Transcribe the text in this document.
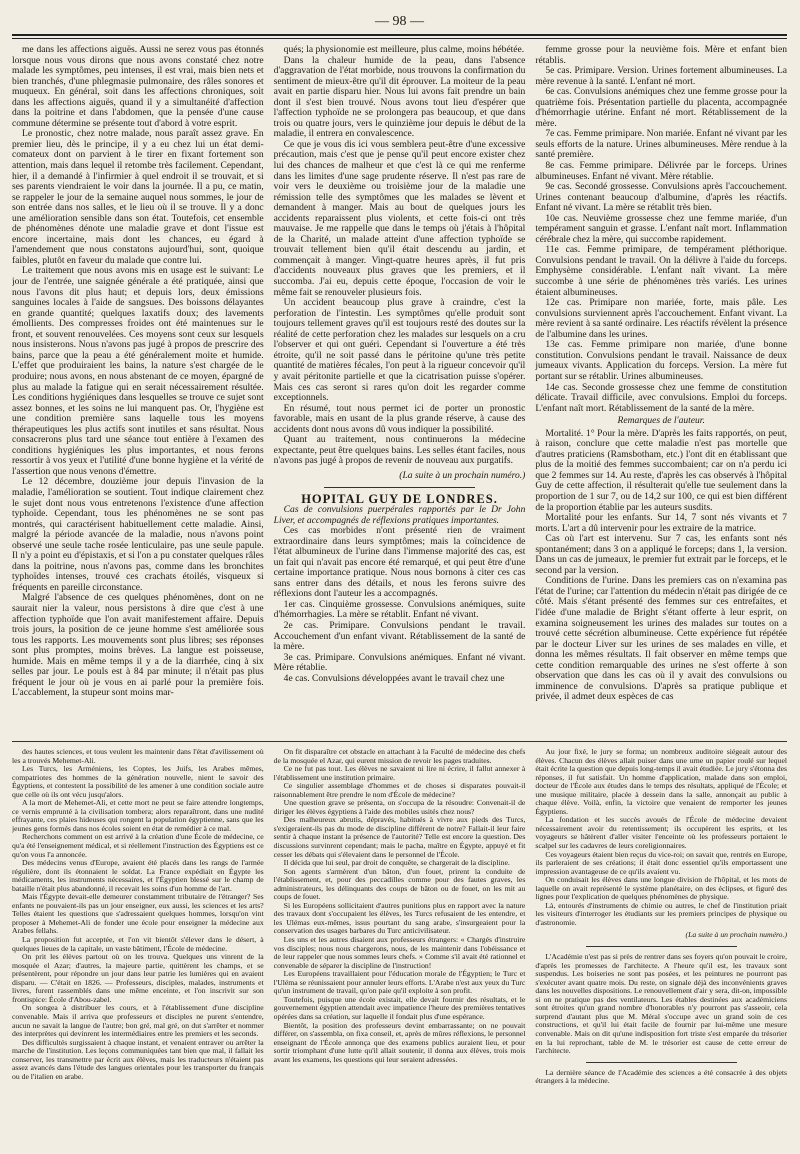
— 98 —

me dans les affections aiguës. Aussi ne serez vous pas étonnés lorsque nous vous dirons que nous avons constaté chez notre malade les symptômes, peu intenses, il est vrai, mais bien nets et bien tranchés, d'une phlegmasie pulmonaire, des râles sonores et muqueux. En général, soit dans les affections chroniques, soit dans les affections aiguës, quand il y a simultanéité d'affection dans la poitrine et dans l'abdomen, que la pensée d'une cause commune détermine se présente tout d'abord à votre esprit.

Le pronostic, chez notre malade, nous paraît assez grave. En premier lieu, dès le principe, il y a eu chez lui un état demi-comateux dont on parvient à le tirer en fixant fortement son attention, mais dans lequel il retombe très facilement. Cependant, hier, il a demandé à l'infirmier à quel endroit il se trouvait, et si ses parents viendraient le voir dans la journée. Il a pu, ce matin, se rappeler le jour de la semaine auquel nous sommes, le jour de son entrée dans nos salles, et le lieu où il se trouve. Il y a donc une amélioration sensible dans son état. Toutefois, cet ensemble de phénomènes dénote une maladie grave et dont l'issue est encore incertaine, mais dont les chances, eu égard à l'amendement que nous constatons aujourd'hui, sont, quoique faibles, plutôt en faveur du malade que contre lui.

Le traitement que nous avons mis en usage est le suivant: Le jour de l'entrée, une saignée générale a été pratiquée, ainsi que nous l'avons dit plus haut; et depuis lors, deux émissions sanguines locales à l'aide de sangsues. Des boissons délayantes en grande quantité; quelques laxatifs doux; des lavements émollients. Des compresses froides ont été maintenues sur le front, et souvent renouvelées. Ces moyens sont ceux sur lesquels nous insisterons. Nous n'avons pas jugé à propos de prescrire des bains, parce que la peau a été généralement moite et humide. L'effet que produiraient les bains, la nature s'est chargée de le produire; nous avons, en nous abstenant de ce moyen, épargné de plus au malade la fatigue qui en serait nécessairement résultée. Les conditions hygiéniques dans lesquelles se trouve ce sujet sont assez bonnes, et les soins ne lui manquent pas. Or, l'hygiène est une condition première sans laquelle tous les moyens thérapeutiques les plus actifs sont inutiles et sans résultat. Nous consacrerons plus tard une séance tout entière à l'examen des conditions hygiéniques les plus importantes, et nous ferons ressortir à vos yeux et l'utilité d'une bonne hygiène et la vérité de l'assertion que nous venons d'émettre.

Le 12 décembre, douzième jour depuis l'invasion de la maladie, l'amélioration se soutient. Tout indique clairement chez le sujet dont nous vous entretenons l'existence d'une affection typhoïde. Cependant, tous les phénomènes ne se sont pas montrés, qui caractérisent habituellement cette maladie. Ainsi, malgré la période avancée de la maladie, nous n'avons point observé une seule tache rosée lenticulaire, pas une seule papule. Il n'y a point eu d'épistaxis, et si l'on a pu constater quelques râles dans la poitrine, nous n'avons pas, comme dans les bronchites typhoïdes intenses, trouvé ces crachats étoilés, visqueux si fréquents en pareille circonstance.

Malgré l'absence de ces quelques phénomènes, dont on ne saurait nier la valeur, nous persistons à dire que c'est à une affection typhoïde que l'on avait manifestement affaire. Depuis trois jours, la position de ce jeune homme s'est améliorée sous tous les rapports. Les mouvements sont plus libres; ses réponses sont plus promptes, moins brèves. La langue est poisseuse, humide. Mais en même temps il y a de la diarrhée, cinq à six selles par jour. Le pouls est à 84 par minute; il n'était pas plus fréquent le jour où je vous en ai parlé pour la première fois. L'accablement, la stupeur sont moins mar-

qués; la physionomie est meilleure, plus calme, moins hébétée.

Dans la chaleur humide de la peau, dans l'absence d'aggravation de l'état morbide, nous trouvons la confirmation du sentiment de mieux-être qu'il dit éprouver. La moiteur de la peau avait en partie disparu hier. Nous lui avons fait prendre un bain dont il s'est bien trouvé. Nous avons tout lieu d'espérer que l'affection typhoïde ne se prolongera pas beaucoup, et que dans trois ou quatre jours, vers le quinzième jour depuis le début de la maladie, il entrera en convalescence.

Ce que je vous dis ici vous semblera peut-être d'une excessive précaution, mais c'est que je pense qu'il peut encore exister chez lui des chances de malheur et que c'est là ce qui me renferme dans les limites d'une sage prudente réserve. Il n'est pas rare de voir vers le deuxième ou troisième jour de la maladie une rémission telle des symptômes que les malades se lèvent et demandent à manger. Mais au bout de quelques jours les accidents reparaissent plus violents, et cette fois-ci ont très mauvaise. Je me rappelle que dans le temps où j'étais à l'hôpital de la Charité, un malade atteint d'une affection typhoïde se trouvait tellement bien qu'il était descendu au jardin, et commençait à manger. Vingt-quatre heures après, il fut pris d'accidents nouveaux plus graves que les premiers, et il succomba. J'ai eu, depuis cette époque, l'occasion de voir le même fait se renouveler plusieurs fois.

Un accident beaucoup plus grave à craindre, c'est la perforation de l'intestin. Les symptômes qu'elle produit sont toujours tellement graves qu'il est toujours resté des doutes sur la réalité de cette perforation chez les malades sur lesquels on a cru l'observer et qui ont guéri. Cependant si l'ouverture a été très étroite, qu'il ne soit passé dans le péritoine qu'une très petite quantité de matières fécales, l'on peut à la rigueur concevoir qu'il y avait péritonite partielle et que la cicatrisation puisse s'opérer. Mais ces cas seront si rares qu'on doit les regarder comme exceptionnels.

En résumé, tout nous permet ici de porter un pronostic favorable, mais en usant de la plus grande réserve, à cause des accidents dont nous avons dû vous indiquer la possibilité.

Quant au traitement, nous continuerons la médecine expectante, peut être quelques bains. Les selles étant faciles, nous n'avons pas jugé à propos de revenir de nouveau aux purgatifs.

(La suite à un prochain numéro.)

HOPITAL GUY DE LONDRES.

Cas de convulsions puerpérales rapportés par le Dr John Liver, et accompagnés de réflexions pratiques importantes.

Ces cas morbides n'ont présenté rien de vraiment extraordinaire dans leurs symptômes; mais la coïncidence de l'état albumineux de l'urine dans l'immense majorité des cas, est un fait qui n'avait pas encore été remarqué, et qui peut être d'une certaine importance pratique. Nous nous bornons à citer ces cas sans entrer dans des détails, et nous les ferons suivre des réflexions dont l'auteur les a accompagnés.

1er cas. Cinquième grossesse. Convulsions anémiques, suite d'hémorrhagies. La mère se rétablit. Enfant né vivant.

2e cas. Primipare. Convulsions pendant le travail. Accouchement d'un enfant vivant. Rétablissement de la santé de la mère.

3e cas. Primipare. Convulsions anémiques. Enfant né vivant. Mère rétablie.

4e cas. Convulsions développées avant le travail chez une

femme grosse pour la neuvième fois. Mère et enfant bien rétablis.

5e cas. Primipare. Version. Urines fortement albumineuses. La mère revenue à la santé. L'enfant né mort.

6e cas. Convulsions anémiques chez une femme grosse pour la quatrième fois. Présentation partielle du placenta, accompagnée d'hémorrhagie utérine. Enfant né mort. Rétablissement de la mère.

7e cas. Femme primipare. Non mariée. Enfant né vivant par les seuls efforts de la nature. Urines albumineuses. Mère rendue à la santé première.

8e cas. Femme primipare. Délivrée par le forceps. Urines albumineuses. Enfant né vivant. Mère rétablie.

9e cas. Secondé grossesse. Convulsions après l'accouchement. Urines contenant beaucoup d'albumine, d'après les réactifs. Enfant né vivant. La mère se rétablit très bien.

10e cas. Neuvième grossesse chez une femme mariée, d'un tempérament sanguin et grasse. L'enfant naît mort. Inflammation cérébrale chez la mère, qui succombe rapidement.

11e cas. Femme primipare, de tempérament pléthorique. Convulsions pendant le travail. On la délivre à l'aide du forceps. Emphysème considérable. L'enfant naît vivant. La mère succombe à une série de phénomènes très variés. Les urines étaient albumineuses.

12e cas. Primipare non mariée, forte, mais pâle. Les convulsions surviennent après l'accouchement. Enfant vivant. La mère revient à sa santé ordinaire. Les réactifs révèlent la présence de l'albumine dans les urines.

13e cas. Femme primipare non mariée, d'une bonne constitution. Convulsions pendant le travail. Naissance de deux jumeaux vivants. Application du forceps. Version. La mère fut portant sur se rétablir. Urines albumineuses.

14e cas. Seconde grossesse chez une femme de constitution délicate. Travail difficile, avec convulsions. Emploi du forceps. L'enfant naît mort. Rétablissement de la santé de la mère.

Remarques de l'auteur.

Mortalité. 1° Pour la mère. D'après les faits rapportés, on peut, à raison, conclure que cette maladie n'est pas mortelle que d'autres praticiens (Ramsbotham, etc.) l'ont dit en établissant que plus de la moitié des femmes succombaient; car on n'a perdu ici que 2 femmes sur 14. Au reste, d'après les cas observés à l'hôpital Guy de cette affection, il résulterait qu'elle tue seulement dans la proportion de 1 sur 7, ou de 14,2 sur 100, ce qui est bien différent de la proportion établie par les auteurs susdits.

Mortalité pour les enfants. Sur 14, 7 sont nés vivants et 7 morts. L'art a dû intervenir pour les extraire de la matrice.

Cas où l'art est intervenu. Sur 7 cas, les enfants sont nés spontanément; dans 3 on a appliqué le forceps; dans 1, la version. Dans un cas de jumeaux, le premier fut extrait par le forceps, et le second par la version.

Conditions de l'urine. Dans les premiers cas on n'examina pas l'état de l'urine; car l'attention du médecin n'était pas dirigée de ce côté. Mais s'étant présenté des femmes sur ces entrefaites, et l'idée d'une maladie de Bright s'étant offerte à leur esprit, on examina soigneusement les urines des malades sur toutes on a trouvé cette sécrétion albumineuse. Cette expérience fut répétée par le docteur Liver sur les urines de ses malades en ville, et donna les mêmes résultats. Il fait observer en même temps que cette condition remarquable des urines ne s'est offerte à son observation que dans les cas où il y avait des convulsions ou imminence de convulsions. D'après sa pratique publique et privée, il admet deux espèces de cas

des hautes sciences, et tous veulent les maintenir dans l'état d'avilissement où les a trouvés Mehemet-Ali.

Les Turcs, les Arméniens, les Coptes, les Juifs, les Arabes mêmes, compatriotes des hommes de la génération nouvelle, nient le savoir des Égyptiens, et contestent la possibilité de les amener à une condition sociale autre que celle où ils ont vécu jusqu'alors.

A la mort de Mehemet-Ali, et cette mort ne peut se faire attendre longtemps, ce vernis emprunté à la civilisation tombera; alors reparaîtront, dans une nudité effrayante, ces plaies hideuses qui rongent la population égyptienne, sans que les jeunes gens formés dans nos écoles soient en état de remédier à ce mal.

Recherchons comment on est arrivé à la création d'une École de médecine, ce qu'a été l'enseignement médical, et si réellement l'instruction des Égyptiens est ce qu'on vous l'a annoncée.

Des médecins venus d'Europe, avaient été placés dans les rangs de l'armée régulière, dont ils étonnaient le soldat. La France expédiait en Égypte les médicaments, les instruments nécessaires, et l'Égyptien blessé sur le champ de bataille n'était plus abandonné, il recevait les soins d'un homme de l'art.

Mais l'Égypte devait-elle demeurer constamment tributaire de l'étranger? Ses enfants ne pouvaient-ils pas un jour enseigner, eux aussi, les sciences et les arts? Telles étaient les questions que s'adressaient quelques hommes, lorsqu'on vint proposer à Mehemet-Ali de fonder une école pour enseigner la médecine aux Arabes fellahs.

La proposition fut acceptée, et l'on vit bientôt s'élever dans le désert, à quelques lieues de la capitale, un vaste bâtiment, l'École de médecine.

On prit les élèves partout où on les trouva. Quelques uns vinrent de la mosquée el Azar; d'autres, la majeure partie, quittèrent les champs, et se présentèrent, pour répondre un jour dans leur patrie les lumières qui en avaient disparu. — C'était en 1826. — Professeurs, disciples, malades, instruments et livres, furent rassemblés dans une même enceinte, et l'on inscrivit sur son frontispice: École d'Abou-zabel.

On songea à distribuer les cours, et à l'établissement d'une discipline convenable. Mais il arriva que professeurs et disciples ne purent s'entendre, aucun ne savait la langue de l'autre; bon gré, mal gré, on dut s'arrêter et nommer des interprètes qui devinrent les intermédiaires entre les premiers et les seconds.

Des difficultés surgissaient à chaque instant, et venaient entraver ou arrêter la marche de l'institution. Les leçons communiquées tant bien que mal, il fallait les conserver, les transmettre par écrit aux élèves, mais les traducteurs n'étaient pas assez avancés dans l'étude des langues orientales pour les transporter du français ou de l'italien en arabe.

On fit disparaître cet obstacle en attachant à la Faculté de médecine des chefs de la mosquée el Azar, qui eurent mission de revoir les pages traduites.

Ce ne fut pas tout. Les élèves ne savaient ni lire ni écrire, il fallut annexer à l'établissement une institution primaire.

Ce singulier assemblage d'hommes et de choses si disparates pouvait-il raisonnablement être prendre le nom d'École de médecine?

Une question grave se présenta, on s'occupa de la résoudre: Convenait-il de diriger les élèves égyptiens à l'aide des mobiles usités chez nous?

Des malheureux abrutis, dépravés, habitués à vivre aux pieds des Turcs, s'exigeraient-ils pas du mode de discipline différent de notre? Fallait-il leur faire sentir à chaque instant la présence de l'autorité? Telle est encore la question. Des discussions survinrent cependant; mais le pacha, maître en Égypte, appuyé et fit cesser les débats qui s'élevaient dans le personnel de l'École.

Il décida que lui seul, par droit de conquête, se chargerait de la discipline.

Son agents s'armèrent d'un bâton, d'un fouet, prirent la conduite de l'établissement, et, pour des peccadilles comme pour des fautes graves, les administrateurs, les délinquants des coups de bâton ou de fouet, on les mit au coups de fouet.

Si les Européens sollicitaient d'autres punitions plus en rapport avec la nature des travaux dont s'occupaient les élèves, les Turcs refusaient de les entendre, et les Ulémas eux-mêmes, issus pourtant du sang arabe, s'insurgeaient pour la conservation des usages barbares du Turc anticivilisateur.

Les uns et les autres disaient aux professeurs étrangers: « Chargés d'instruire vos disciples; nous nous chargerons, nous, de les maintenir dans l'obéissance et de leur rappeler que nous sommes leurs chefs. » Comme s'il avait été rationnel et convenable de séparer la discipline de l'instruction!

Les Européens travaillaient pour l'éducation morale de l'Égyptien; le Turc et l'Uléma se réunissaient pour annuler leurs efforts. L'Arabe n'est aux yeux du Turc qu'un instrument de travail, qu'on paie qu'il exploite à son profit.

Toutefois, puisque une école existait, elle devait fournir des résultats, et le gouvernement égyptien attendait avec impatience l'heure des premières tentatives opérées dans sa création, sur laquelle il fondait plus d'une espérance.

Bientôt, la position des professeurs devint embarrassante; on ne pouvait différer, on s'assembla, on fixa conseil, et, après de mûres réflexions, le personnel enseignant de l'École annonça que des examens publics auraient lieu, et pour sortir triomphant d'une lutte qu'il allait soutenir, il donna aux élèves, trois mois avant les examens, les questions qui leur seraient adressées.

Au jour fixé, le jury se forma; un nombreux auditoire siégeait autour des élèves. Chacun des élèves allait puiser dans une urne un papier roulé sur lequel était écrite la question que depuis long-temps il avait étudiée. Le jury s'étonna des réponses, il fut satisfait. Un homme d'application, malade dans son emploi, docteur de l'École aux études dans le temps des résultats, appliqué de l'École; et une musique militaire, placée à dessein dans la salle, annonçait au public à chaque élève. Voilà, enfin, la victoire que venaient de remporter les jeunes Égyptiens.

La fondation et les succès avoués de l'École de médecine devaient nécessairement avoir du retentissement; ils occupèrent les esprits, et les voyageurs se hâtèrent d'aller visiter l'enceinte où les professeurs portaient le scalpel sur les cadavres de leurs coreligionnaires.

Ces voyageurs étaient bien reçus du vice-roi; on savait que, rentrés en Europe, ils parleraient de ses créations; il était donc essentiel qu'ils emportassent une impression avantageuse de ce qu'ils avaient vu.

On conduisait les élèves dans une longue division de l'hôpital, et les mots de laquelle on avait représenté le système planétaire, on des éclipses, et figuré des lignes pour l'explication de quelques phénomènes de physique.

Là, entourés d'instruments de chimie ou autres, le chef de l'institution priait les visiteurs d'interroger les étudiants sur les premiers principes de physique ou d'astronomie.

(La suite à un prochain numéro.)

L'Académie n'est pas si près de rentrer dans ses foyers qu'on pouvait le croire, d'après les promesses de l'architecte. A l'heure qu'il est, les travaux sont suspendus. Les boiseries ne sont pas posées, et les peintures ne pourront pas s'exécuter avant quatre mois. Du reste, on signale déjà des inconvénients graves dans les nouvelles dispositions. Le renouvellement d'air y sera, dit-on, impossible si on ne pratique pas des ventilateurs. Les étables destinées aux académiciens sont étroites qu'un grand nombre d'honorables n'y pourront pas s'asseoir, cela surprend d'autant plus que M. Méral s'occupe avec un grand soin de ces constructions, et qu'il lui était facile de fournir par lui-même une mesure convenable. Mais on dit qu'une indisposition fort triste s'est emparée du trésorier en la lui reprochant, table de M. le trésorier est cause de cette erreur de l'architecte.

La dernière séance de l'Académie des sciences a été consacrée à des objets étrangers à la médecine.
